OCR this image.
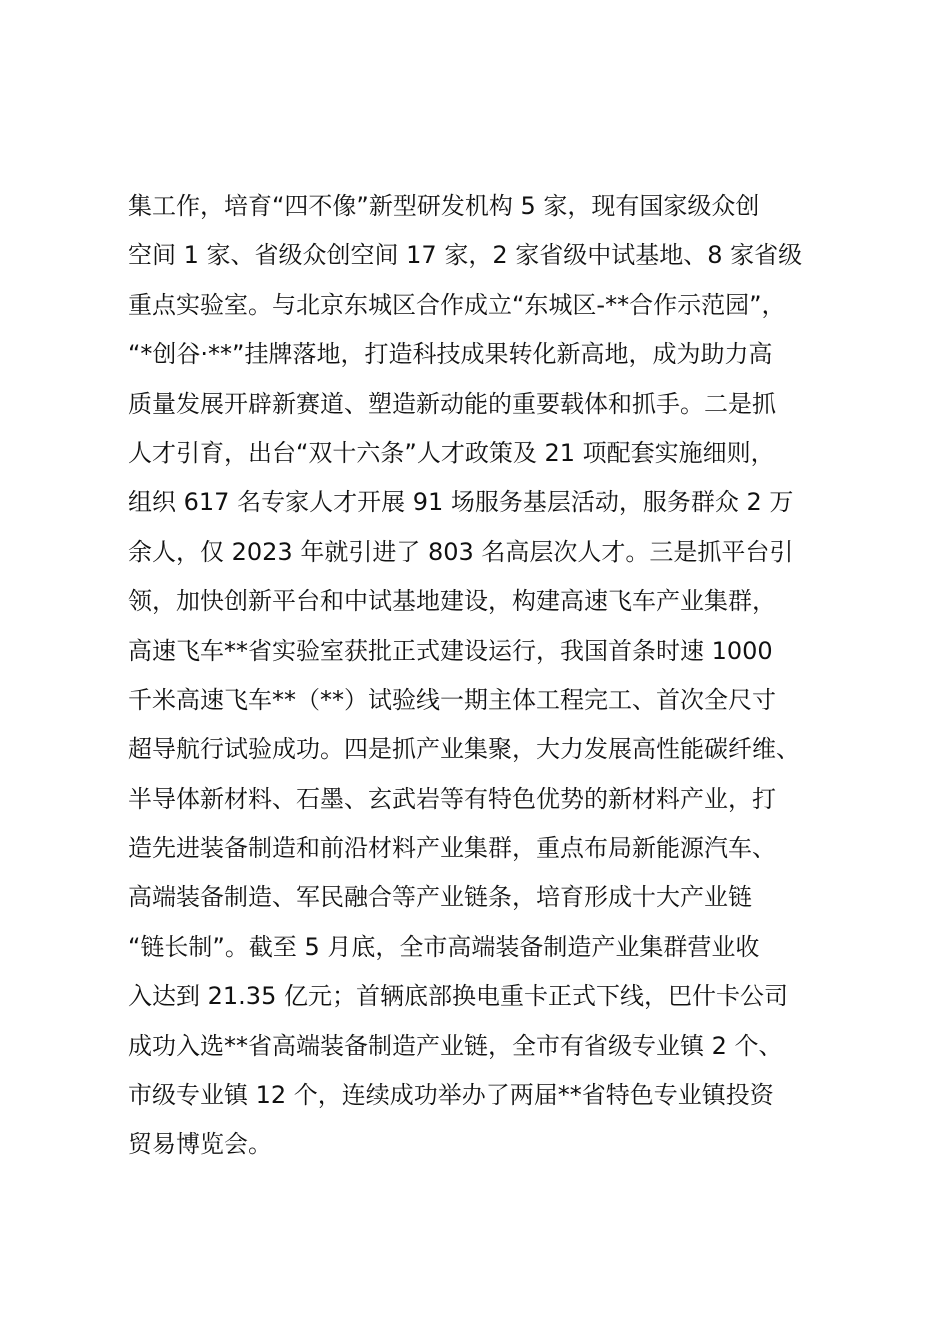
集工作，培育“四不像”新型研发机构 5 家，现有国家级众创
空间 1 家、省级众创空间 17 家，2 家省级中试基地、8 家省级
重点实验室。与北京东城区合作成立“东城区-**合作示范园”，
“*创谷·**”挂牌落地，打造科技成果转化新高地，成为助力高
质量发展开辟新赛道、塑造新动能的重要载体和抓手。二是抓
人才引育，出台“双十六条”人才政策及 21 项配套实施细则，
组织 617 名专家人才开展 91 场服务基层活动，服务群众 2 万
余人，仅 2023 年就引进了 803 名高层次人才。三是抓平台引
领，加快创新平台和中试基地建设，构建高速飞车产业集群，
高速飞车**省实验室获批正式建设运行，我国首条时速 1000
千米高速飞车**（**）试验线一期主体工程完工、首次全尺寸
超导航行试验成功。四是抓产业集聚，大力发展高性能碳纤维、
半导体新材料、石墨、玄武岩等有特色优势的新材料产业，打
造先进装备制造和前沿材料产业集群，重点布局新能源汽车、
高端装备制造、军民融合等产业链条，培育形成十大产业链
“链长制”。截至 5 月底，全市高端装备制造产业集群营业收
入达到 21.35 亿元；首辆底部换电重卡正式下线，巴什卡公司
成功入选**省高端装备制造产业链，全市有省级专业镇 2 个、
市级专业镇 12 个，连续成功举办了两届**省特色专业镇投资
贸易博览会。
